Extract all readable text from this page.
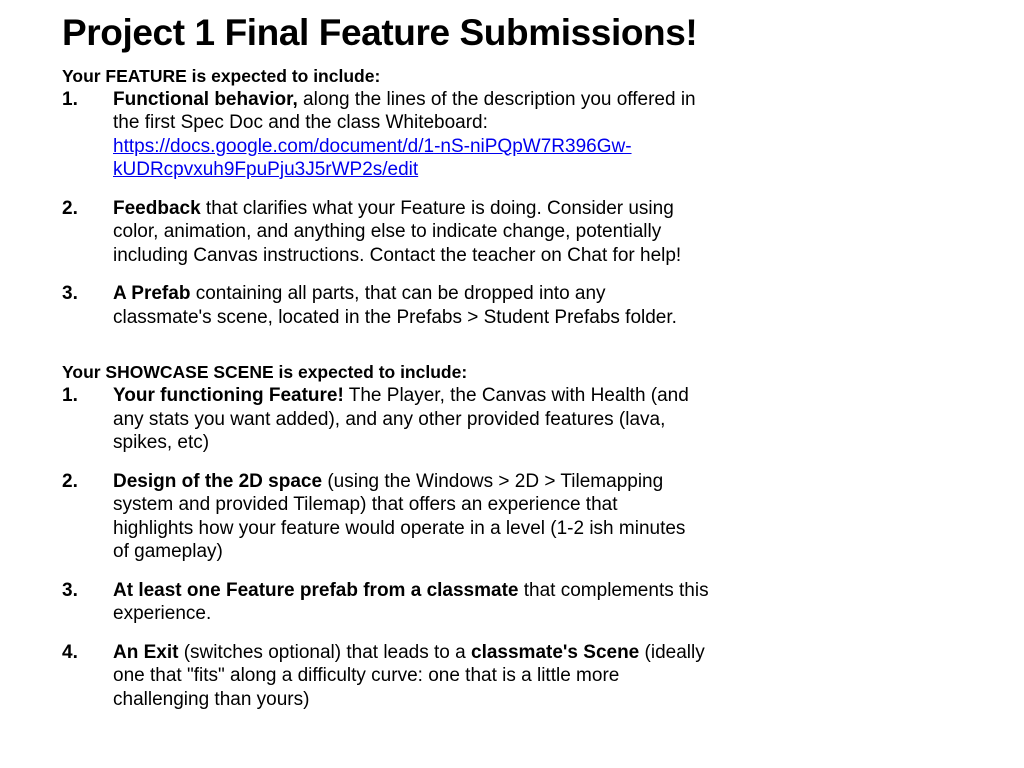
Project 1 Final Feature Submissions!

Your FEATURE is expected to include:

1. Functional behavior, along the lines of the description you offered in
the first Spec Doc and the class Whiteboard:
https://docs.google.com/document/d/1-nS-niPQpW7R396Gw-
kUDRcpvxuh9FpuPju3J5rWP2s/edit
2. Feedback that clarifies what your Feature is doing. Consider using
color, animation, and anything else to indicate change, potentially
including Canvas instructions. Contact the teacher on Chat for help!
3. A Prefab containing all parts, that can be dropped into any
classmate's scene, located in the Prefabs > Student Prefabs folder.

Your SHOWCASE SCENE is expected to include:

1. Your functioning Feature! The Player, the Canvas with Health (and
any stats you want added), and any other provided features (lava,
spikes, etc)
2. Design of the 2D space (using the Windows > 2D > Tilemapping
system and provided Tilemap) that offers an experience that
highlights how your feature would operate in a level (1-2 ish minutes
of gameplay)
3. At least one Feature prefab from a classmate that complements this
experience.
4. An Exit (switches optional) that leads to a classmate's Scene (ideally
one that "fits" along a difficulty curve: one that is a little more
challenging than yours)
